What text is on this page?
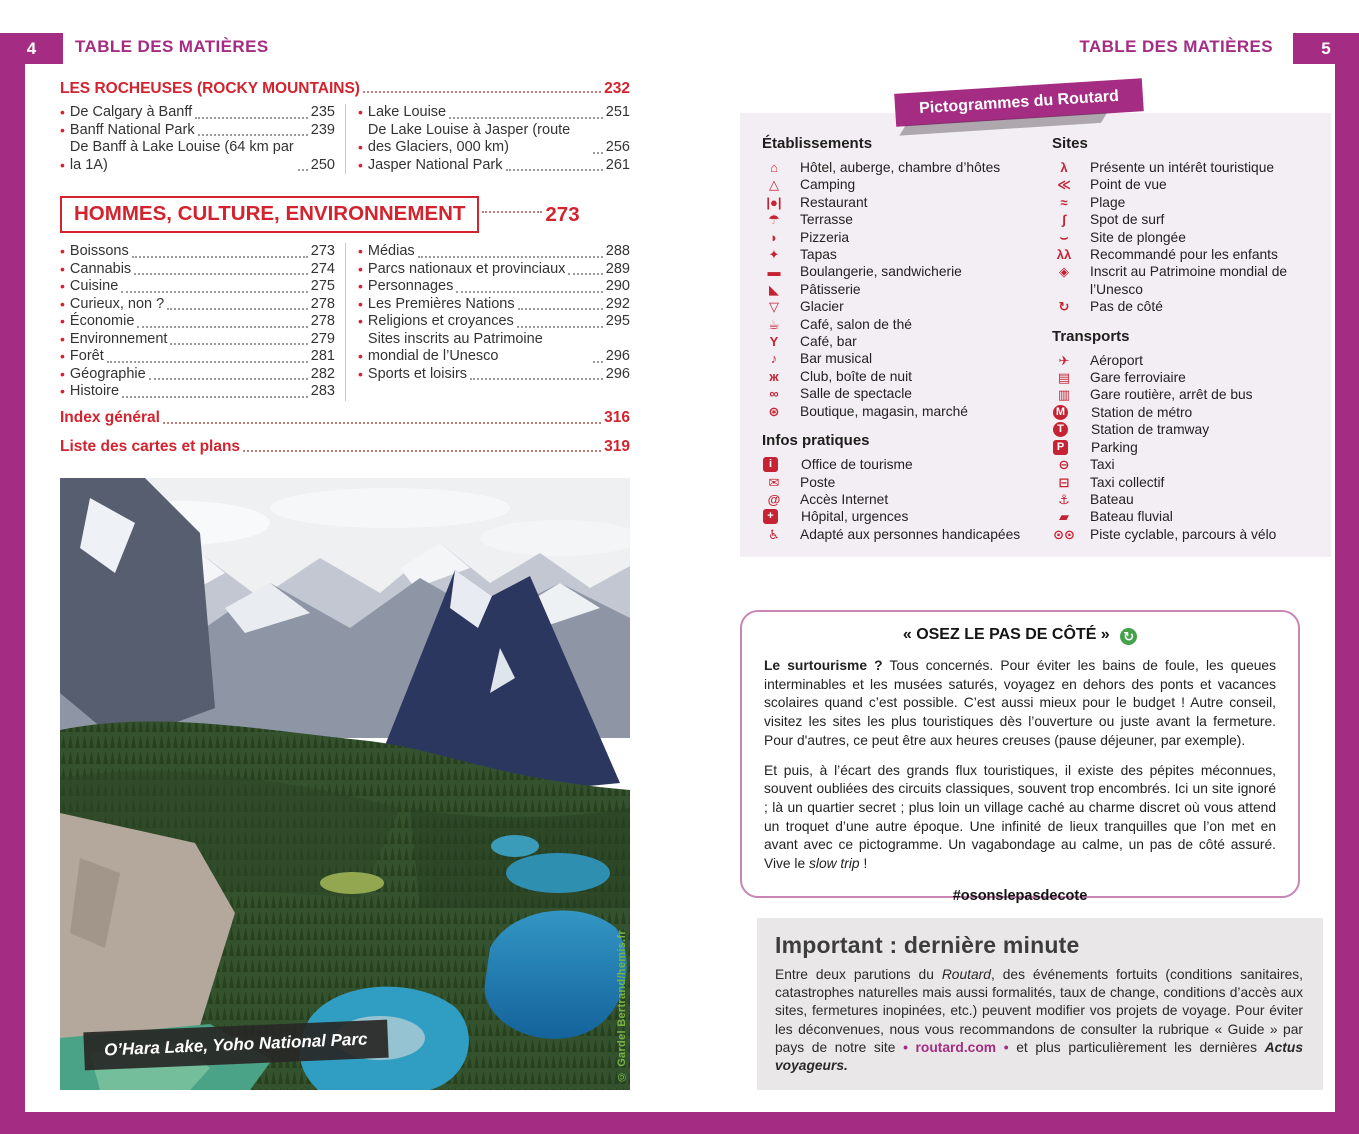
4	5
TABLE DES MATIÈRES	TABLE DES MATIÈRES
LES ROCHEUSES (ROCKY MOUNTAINS)	232
• De Calgary à Banff	235
• Banff National Park	239
•
De Banff à Lake Louise (64 km par la 1A)	250
• Lake Louise	251
•
De Lake Louise à Jasper (route des Glaciers, 000 km)	256
• Jasper National Park	261
HOMMES, CULTURE, ENVIRONNEMENT	273
• Boissons	273
• Cannabis	274
• Cuisine	275
• Curieux, non ?	278
• Économie	278
• Environnement	279
• Forêt	281
• Géographie	282
• Histoire	283
• Médias	288
• Parcs nationaux et provinciaux	289
• Personnages	290
• Les Premières Nations	292
• Religions et croyances	295
•
Sites inscrits au Patrimoine mondial de l’Unesco	296
• Sports et loisirs	296
Index général	316
Liste des cartes et plans	319
O’Hara Lake, Yoho National Parc	© Gardel Bertrand/hemis.fr
Établissements
⌂	Hôtel, auberge, chambre d’hôtes
△	Camping
|●|	Restaurant
☂	Terrasse
◗	Pizzeria
✦	Tapas
▬	Boulangerie, sandwicherie
◣	Pâtisserie
▽	Glacier
☕	Café, salon de thé
Y	Café, bar
♪	Bar musical
ж	Club, boîte de nuit
∞	Salle de spectacle
⊛	Boutique, magasin, marché
Infos pratiques
i	Office de tourisme
✉	Poste
@	Accès Internet
+	Hôpital, urgences
♿	Adapté aux personnes handicapées
Sites
λ	Présente un intérêt touristique
≪	Point de vue
≈	Plage
∫	Spot de surf
⌣	Site de plongée
λλ	Recommandé pour les enfants
◈	Inscrit au Patrimoine mondial de l’Unesco
↻	Pas de côté
Transports
✈	Aéroport
▤	Gare ferroviaire
▥	Gare routière, arrêt de bus
M Station de métro
T	Station de tramway
P Parking
⊖	Taxi
⊟	Taxi collectif
⚓	Bateau
▰	Bateau fluvial
⊙⊙ Piste cyclable, parcours à vélo
Pictogrammes du Routard
« OSEZ LE PAS DE CÔTÉ » ↻

Le surtourisme ? Tous concernés. Pour éviter les bains de foule, les queues interminables et les musées saturés, voyagez en dehors des ponts et vacances scolaires quand c’est possible. C’est aussi mieux pour le budget ! Autre conseil, visitez les sites les plus touristiques dès l’ouverture ou juste avant la fermeture. Pour d'autres, ce peut être aux heures creuses (pause déjeuner, par exemple).

Et puis, à l’écart des grands flux touristiques, il existe des pépites méconnues, souvent oubliées des circuits classiques, souvent trop encombrés. Ici un site ignoré ; là un quartier secret ; plus loin un village caché au charme discret où vous attend un troquet d’une autre époque. Une infinité de lieux tranquilles que l’on met en avant avec ce pictogramme. Un vagabondage au calme, un pas de côté assuré. Vive le slow trip !

#osonslepasdecote
Important : dernière minute

Entre deux parutions du Routard, des événements fortuits (conditions sanitaires, catastrophes naturelles mais aussi formalités, taux de change, conditions d’accès aux sites, fermetures inopinées, etc.) peuvent modifier vos projets de voyage. Pour éviter les déconvenues, nous vous recommandons de consulter la rubrique « Guide » par pays de notre site • routard.com • et plus particulièrement les dernières Actus voyageurs.
